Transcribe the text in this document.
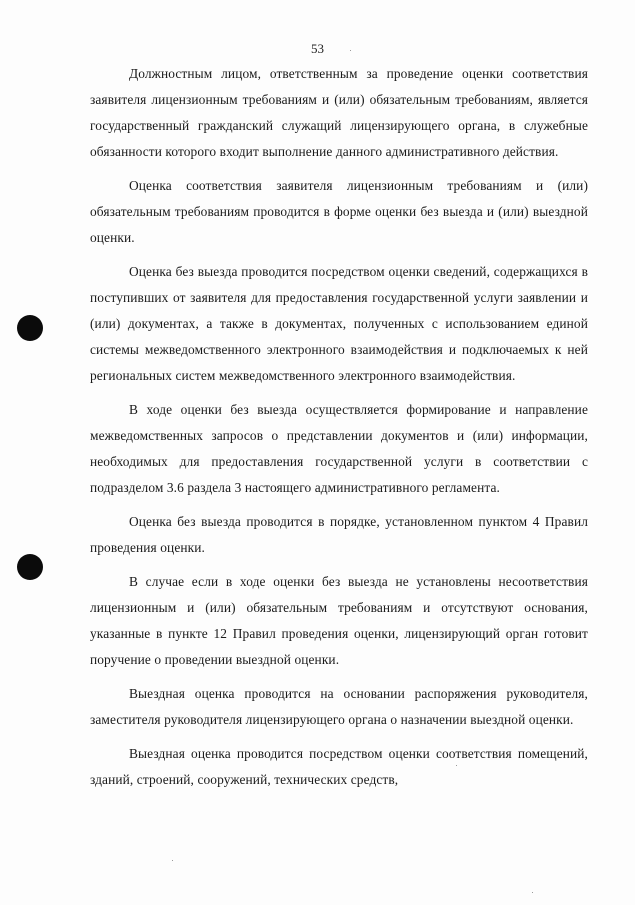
53

Должностным лицом, ответственным за проведение оценки соответствия заявителя лицензионным требованиям и (или) обязательным требованиям, является государственный гражданский служащий лицензирующего органа, в служебные обязанности которого входит выполнение данного административного действия.

Оценка соответствия заявителя лицензионным требованиям и (или) обязательным требованиям проводится в форме оценки без выезда и (или) выездной оценки.

Оценка без выезда проводится посредством оценки сведений, содержащихся в поступивших от заявителя для предоставления государственной услуги заявлении и (или) документах, а также в документах, полученных с использованием единой системы межведомственного электронного взаимодействия и подключаемых к ней региональных систем межведомственного электронного взаимодействия.

В ходе оценки без выезда осуществляется формирование и направление межведомственных запросов о представлении документов и (или) информации, необходимых для предоставления государственной услуги в соответствии с подразделом 3.6 раздела 3 настоящего административного регламента.

Оценка без выезда проводится в порядке, установленном пунктом 4 Правил проведения оценки.

В случае если в ходе оценки без выезда не установлены несоответствия лицензионным и (или) обязательным требованиям и отсутствуют основания, указанные в пункте 12 Правил проведения оценки, лицензирующий орган готовит поручение о проведении выездной оценки.

Выездная оценка проводится на основании распоряжения руководителя, заместителя руководителя лицензирующего органа о назначении выездной оценки.

Выездная оценка проводится посредством оценки соответствия помещений, зданий, строений, сооружений, технических средств,
